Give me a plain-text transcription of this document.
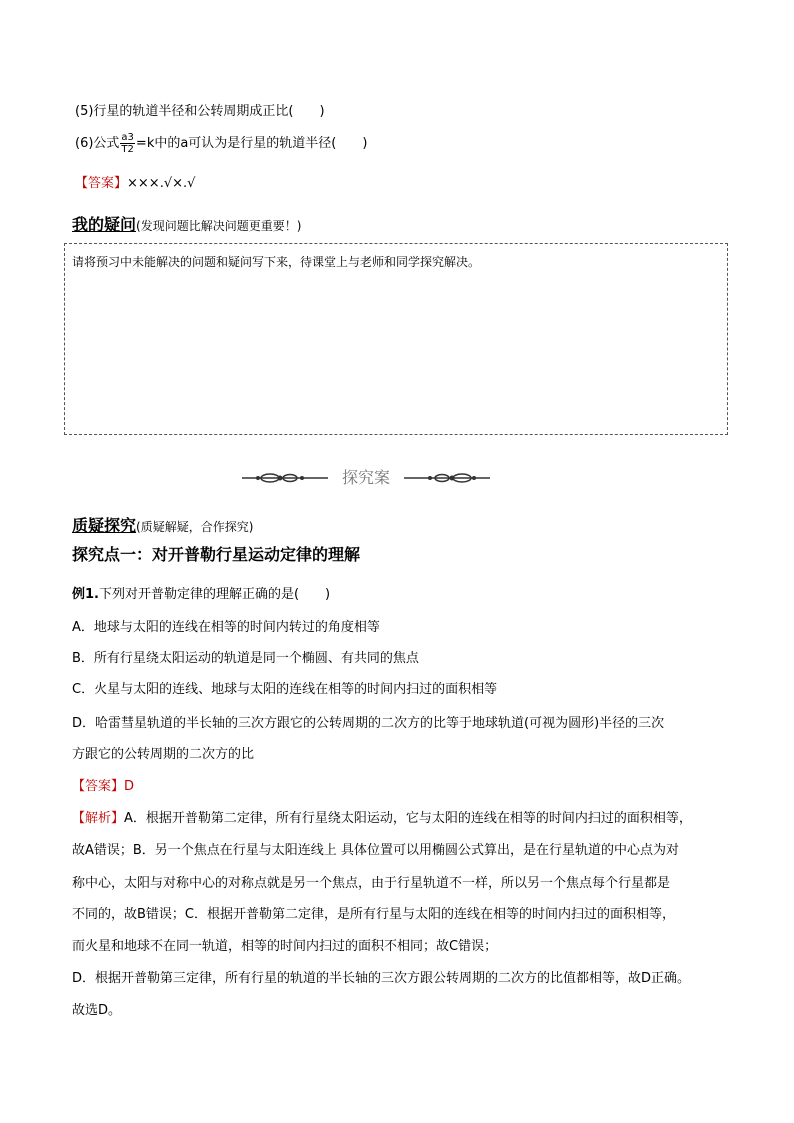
(5)行星的轨道半径和公转周期成正比(　　)
(6)公式 $\frac{a3}{T2} =k$中的a可认为是行星的轨道半径(　　)
【答案】×××.√×.√
我的疑问(发现问题比解决问题更重要！)
请将预习中未能解决的问题和疑问写下来，待课堂上与老师和同学探究解决。
探究案
质疑探究(质疑解疑，合作探究)
探究点一：对开普勒行星运动定律的理解
例1.下列对开普勒定律的理解正确的是(　　)
A．地球与太阳的连线在相等的时间内转过的角度相等
B．所有行星绕太阳运动的轨道是同一个椭圆、有共同的焦点
C．火星与太阳的连线、地球与太阳的连线在相等的时间内扫过的面积相等
D．哈雷彗星轨道的半长轴的三次方跟它的公转周期的二次方的比等于地球轨道(可视为圆形)半径的三次
方跟它的公转周期的二次方的比
【答案】D
【解析】A．根据开普勒第二定律，所有行星绕太阳运动，它与太阳的连线在相等的时间内扫过的面积相等，
故A错误；B．另一个焦点在行星与太阳连线上 具体位置可以用椭圆公式算出，是在行星轨道的中心点为对
称中心，太阳与对称中心的对称点就是另一个焦点，由于行星轨道不一样，所以另一个焦点每个行星都是
不同的，故B错误；C．根据开普勒第二定律，是所有行星与太阳的连线在相等的时间内扫过的面积相等，
而火星和地球不在同一轨道，相等的时间内扫过的面积不相同；故C错误；
D．根据开普勒第三定律，所有行星的轨道的半长轴的三次方跟公转周期的二次方的比值都相等，故D正确。
故选D。
